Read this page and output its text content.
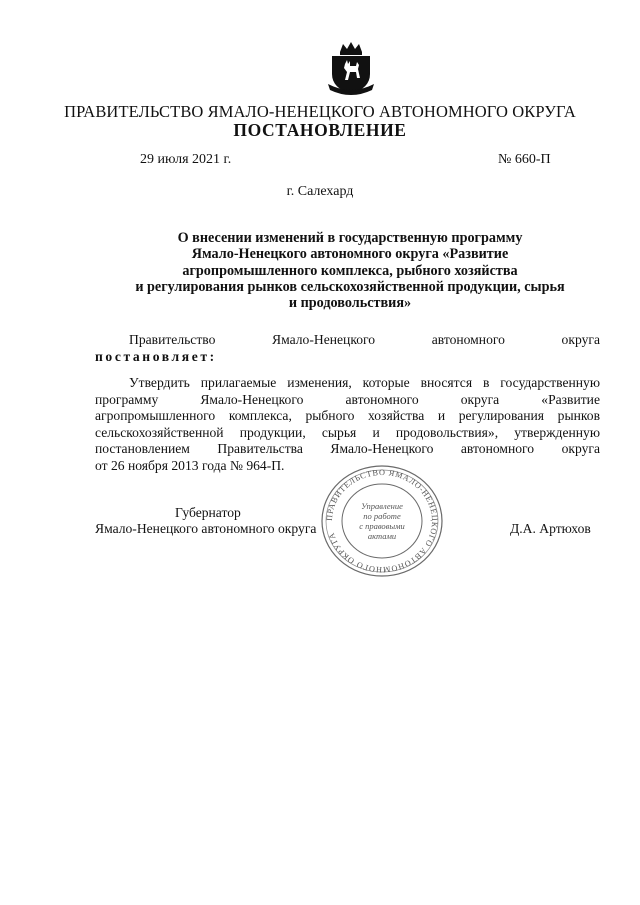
ПРАВИТЕЛЬСТВО ЯМАЛО-НЕНЕЦКОГО АВТОНОМНОГО ОКРУГА
ПОСТАНОВЛЕНИЕ
29 июля 2021 г.	№ 660-П
г. Салехард
О внесении изменений в государственную программу
Ямало-Ненецкого автономного округа «Развитие
агропромышленного комплекса, рыбного хозяйства
и регулирования рынков сельскохозяйственной продукции, сырья
и продовольствия»
Правительство	Ямало-Ненецкого	автономного	округа
постановляет:
Утвердить прилагаемые изменения, которые вносятся в государственную
программу Ямало-Ненецкого автономного округа «Развитие
агропромышленного комплекса, рыбного хозяйства и регулирования рынков
сельскохозяйственной продукции, сырья и продовольствия», утвержденную
постановлением Правительства Ямало-Ненецкого автономного округа
от 26 ноября 2013 года № 964-П.
ПРАВИТЕЛЬСТВО ЯМАЛО-НЕНЕЦКОГО АВТОНОМНОГО ОКРУГА
Управление
по работе
с правовыми
актами
Губернатор
Ямало-Ненецкого автономного округа	Д.А. Артюхов
